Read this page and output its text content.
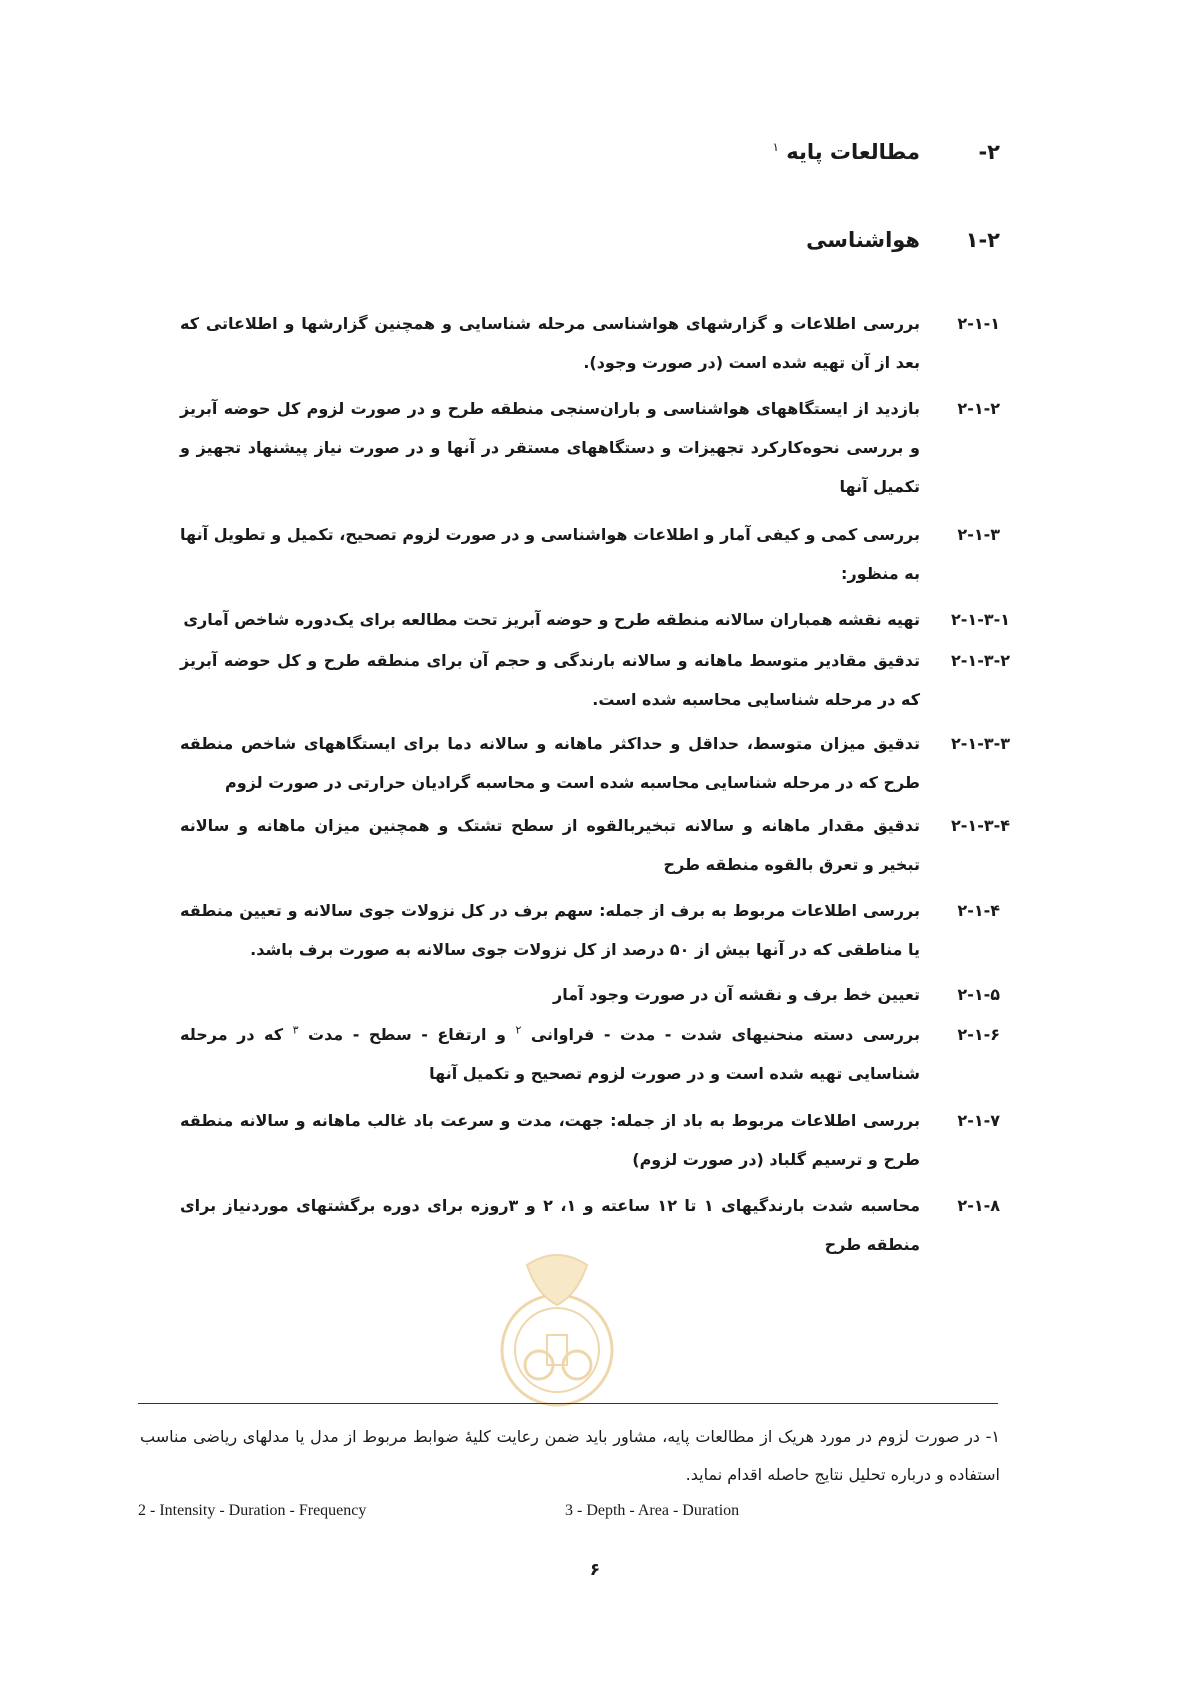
۲-مطالعات پایه $^۱$
۱-۲هواشناسی
۲-۱-۱
بررسی اطلاعات و گزارشهای هواشناسی مرحله شناسایی و همچنین گزارشها و اطلاعاتی که بعد از آن تهیه شده است (در صورت وجود).
۲-۱-۲
بازدید از ایستگاههای هواشناسی و باران‌سنجی منطقه طرح و در صورت لزوم کل حوضه آبریز و بررسی نحوه‌کارکرد تجهیزات و دستگاههای مستقر در آنها و در صورت نیاز پیشنهاد تجهیز و تکمیل آنها
۲-۱-۳
بررسی کمی و کیفی آمار و اطلاعات هواشناسی و در صورت لزوم تصحیح، تکمیل و تطویل آنها به منظور:
۲-۱-۳-۱
تهیه نقشه همباران سالانه منطقه طرح و حوضه آبریز تحت مطالعه برای یک‌دوره شاخص آماری
۲-۱-۳-۲
تدقیق مقادیر متوسط ماهانه و سالانه بارندگی و حجم آن برای منطقه طرح و کل حوضه آبریز که در مرحله شناسایی محاسبه شده است.
۲-۱-۳-۳
تدقیق میزان متوسط، حداقل و حداکثر ماهانه و سالانه دما برای ایستگاههای شاخص منطقه طرح که در مرحله شناسایی محاسبه شده است و محاسبه گرادیان حرارتی در صورت لزوم
۲-۱-۳-۴
تدقیق مقدار ماهانه و سالانه تبخیربالقوه از سطح تشتک و همچنین میزان ماهانه و سالانه تبخیر و تعرق بالقوه منطقه طرح
۲-۱-۴
بررسی اطلاعات مربوط به برف از جمله: سهم برف در کل نزولات جوی سالانه و تعیین منطقه یا مناطقی که در آنها بیش از ۵۰ درصد از کل نزولات جوی سالانه به صورت برف باشد.
۲-۱-۵
تعیین خط برف و نقشه آن در صورت وجود آمار
۲-۱-۶
بررسی دسته منحنیهای شدت - مدت - فراوانی $^۲$ و ارتفاع - سطح - مدت $^۳$ که در مرحله شناسایی تهیه شده است و در صورت لزوم تصحیح و تکمیل آنها
۲-۱-۷
بررسی اطلاعات مربوط به باد از جمله: جهت، مدت و سرعت باد غالب ماهانه و سالانه منطقه طرح و ترسیم گلباد (در صورت لزوم)
۲-۱-۸
محاسبه شدت بارندگیهای ۱ تا ۱۲ ساعته و ۱، ۲ و ۳روزه برای دوره برگشتهای موردنیاز برای منطقه طرح
۱- در صورت لزوم در مورد هریک از مطالعات پایه، مشاور باید ضمن رعایت کلیهٔ ضوابط مربوط از مدل یا مدلهای ریاضی مناسب استفاده و درباره تحلیل نتایج حاصله اقدام نماید.
2 - Intensity - Duration - Frequency	3 - Depth - Area - Duration
۶
